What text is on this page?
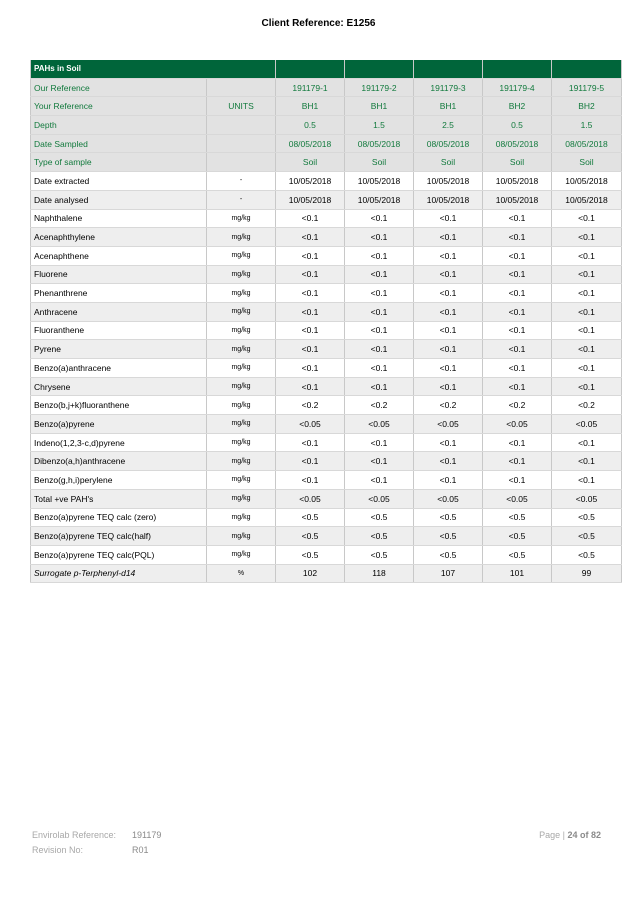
Client Reference: E1256
PAHs in Soil						
Our Reference		191179-1	191179-2	191179-3	191179-4	191179-5
Your Reference	UNITS	BH1	BH1	BH1	BH2	BH2
Depth		0.5	1.5	2.5	0.5	1.5
Date Sampled		08/05/2018	08/05/2018	08/05/2018	08/05/2018	08/05/2018
Type of sample		Soil	Soil	Soil	Soil	Soil
Date extracted	-	10/05/2018	10/05/2018	10/05/2018	10/05/2018	10/05/2018
Date analysed	-	10/05/2018	10/05/2018	10/05/2018	10/05/2018	10/05/2018
Naphthalene	mg/kg	<0.1	<0.1	<0.1	<0.1	<0.1
Acenaphthylene	mg/kg	<0.1	<0.1	<0.1	<0.1	<0.1
Acenaphthene	mg/kg	<0.1	<0.1	<0.1	<0.1	<0.1
Fluorene	mg/kg	<0.1	<0.1	<0.1	<0.1	<0.1
Phenanthrene	mg/kg	<0.1	<0.1	<0.1	<0.1	<0.1
Anthracene	mg/kg	<0.1	<0.1	<0.1	<0.1	<0.1
Fluoranthene	mg/kg	<0.1	<0.1	<0.1	<0.1	<0.1
Pyrene	mg/kg	<0.1	<0.1	<0.1	<0.1	<0.1
Benzo(a)anthracene	mg/kg	<0.1	<0.1	<0.1	<0.1	<0.1
Chrysene	mg/kg	<0.1	<0.1	<0.1	<0.1	<0.1
Benzo(b,j+k)fluoranthene	mg/kg	<0.2	<0.2	<0.2	<0.2	<0.2
Benzo(a)pyrene	mg/kg	<0.05	<0.05	<0.05	<0.05	<0.05
Indeno(1,2,3-c,d)pyrene	mg/kg	<0.1	<0.1	<0.1	<0.1	<0.1
Dibenzo(a,h)anthracene	mg/kg	<0.1	<0.1	<0.1	<0.1	<0.1
Benzo(g,h,i)perylene	mg/kg	<0.1	<0.1	<0.1	<0.1	<0.1
Total +ve PAH's	mg/kg	<0.05	<0.05	<0.05	<0.05	<0.05
Benzo(a)pyrene TEQ calc (zero)	mg/kg	<0.5	<0.5	<0.5	<0.5	<0.5
Benzo(a)pyrene TEQ calc(half)	mg/kg	<0.5	<0.5	<0.5	<0.5	<0.5
Benzo(a)pyrene TEQ calc(PQL)	mg/kg	<0.5	<0.5	<0.5	<0.5	<0.5
Surrogate p-Terphenyl-d14	%	102	118	107	101	99
Envirolab Reference: 191179
Revision No:	R01
Page | 24 of 82
